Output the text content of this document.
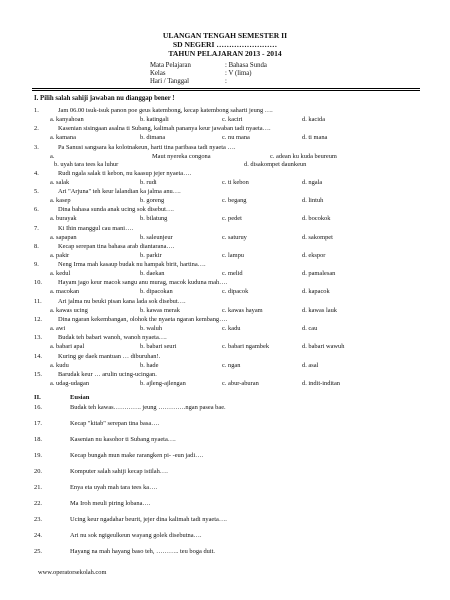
ULANGAN TENGAH SEMESTER II
SD NEGERI ……………………
TAHUN PELAJARAN 2013 - 2014
Mata Pelajaran	: Bahasa Sunda
Kelas	: V (lima)
Hari / Tanggal	:
I. Pilih salah sahiji jawaban nu dianggap bener !
1.	Jam 06.00 isuk-isuk panon poe geus katembong, kecap katembong saharti jeung ….
a. kanyahoan	b. katingali	c. kaciri	d. kacida
2.	Kasenian sisingaan asalna ti Subang, kalimah pananya keur jawaban tadi nyaeta….
a. kamana	b. dimana	c. nu mana	d. ti mana
3.	Pa Sanusi sangsara ka kolotnakeun, harti tina paribasa tadi nyaeta ….
a.	Maut nyereka congona	c. adean ku kuda beureum
b. uyah tara tees ka luhur	d. disakompet daunkeun
4.	Rudi ngala salak ti kebon, nu kaasup jejer nyaeta….
a. salak	b. rudi	c. ti kebon	d. ngala
5.	Ari "Arjuna" teh keur lalandian ka jalma anu….
a. kasep	b. goreng	c. begang	d. lintuh
6.	Dina bahasa sunda anak ucing sok disebut….
a. burayak	b. bilatung	c. pedet	d. bocokok
7.	Ki Ihin manggul cau mani….
a. sapapan	b. saleunjeur	c. saturuy	d. sakompet
8.	Kecap serepan tina bahasa arab diantarana….
a. pakir	b. parkir	c. lampu	d. ekspor
9.	Neng Irma mah kasaup budak nu hampak birit, hartina….
a. kedul	b. daekan	c. melid	d. pamalesan
10.	Hayam jago keur macok sangu anu murag, macok kuduna mah….
a. macokan	b. dipacokan	c. dipacok	d. kapacok
11.	Ari jalma nu beuki pisan kana lada sok disebut….
a. kawas ucing	b. kawas merak	c. kawas hayam	d. kawas lauk
12.	Dina ngaran kekembangan, olohok the nyaeta ngaran kembang….
a. awi	b. waluh	c. kadu	d. cau
13.	Budak teh babari wanoh, wanoh nyaeta….
a. babari apal	b. babari seuri	c. babari ngambek	d. babari wawuh
14.	Kuring ge daek mantuan … diburuhan!.
a. kudu	b. hade	c. ngan	d. asal
15.	Barudak keur … arulin ucing-ucingan.
a. udag-udagan	b. ajleng-ajlengan	c. abur-aburan	d. indit-inditan
II.	Eusian
16.	Budak teh kawas…………. jeung ………….ngan pasea bae.
17.	Kecap "kitab" serepan tina basa….
18.	Kasenian nu kasohor ti Subang nyaeta….
19.	Kecap bungah mun make rarangken pi- -eun jadi….
20.	Komputer salah sahiji kecap istilah….
21.	Enya eta uyah mah tara tees ka….
22.	Ma Iroh meuli piring lobana….
23.	Ucing keur ngadahar beurit, jejer dina kalimah tadi nyaeta….
24.	Ari nu sok ngigeulkeun wayang golek disebutna….
25.	Hayang na mah hayang baso teh, ……….. teu boga duit.
www.operatorsekolah.com
